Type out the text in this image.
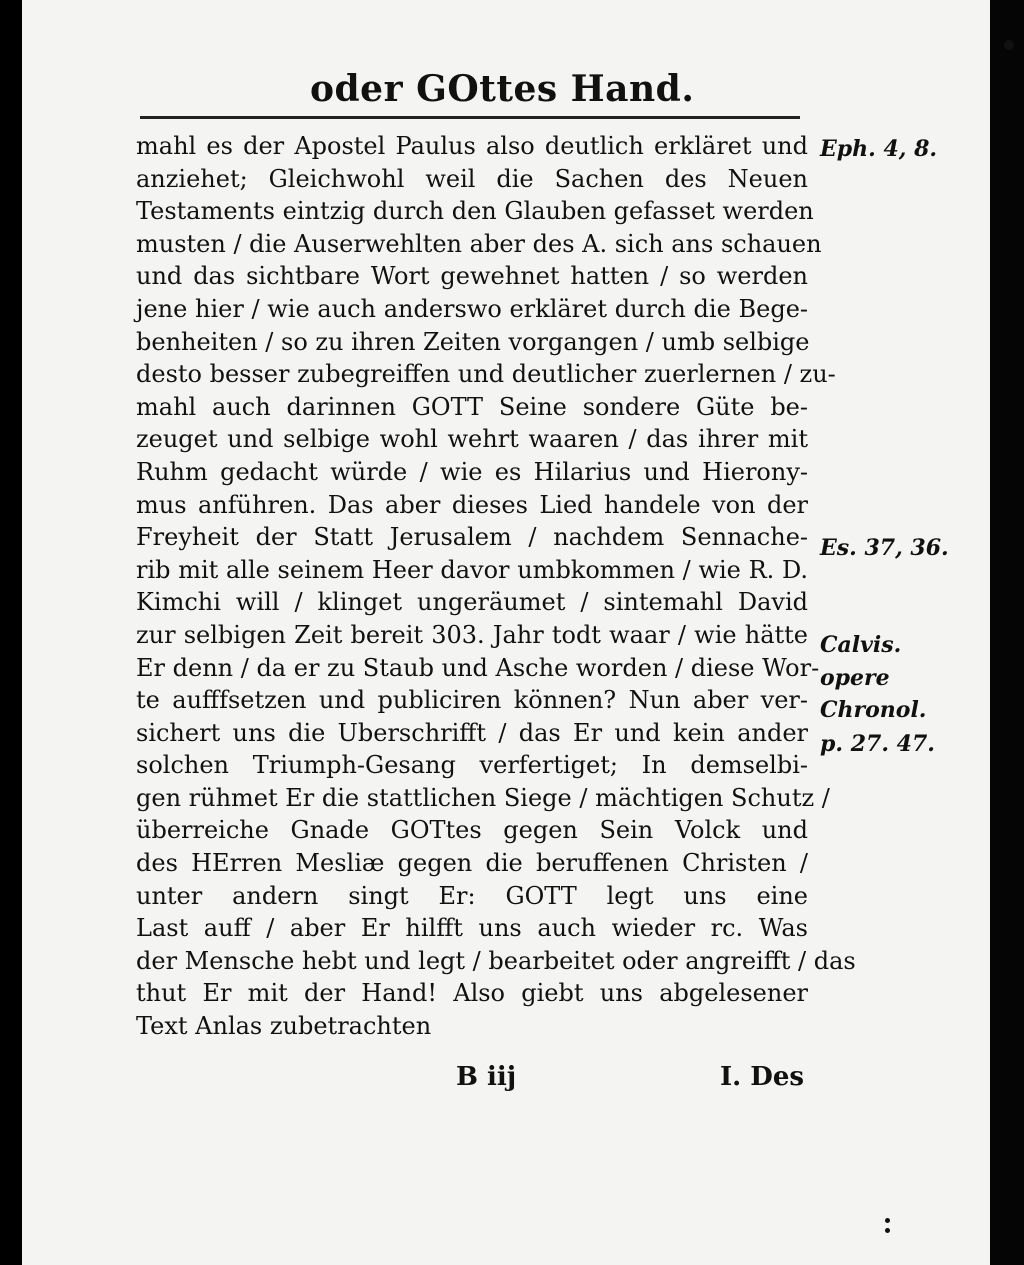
oder GOttes Hand.
mahl es der Apostel Paulus also deutlich erkläret und
anziehet; Gleichwohl weil die Sachen des Neuen
Testaments eintzig durch den Glauben gefasset werden
musten / die Auserwehlten aber des A. sich ans schauen
und das sichtbare Wort gewehnet hatten / so werden
jene hier / wie auch anderswo erkläret durch die Bege-
benheiten / so zu ihren Zeiten vorgangen / umb selbige
desto besser zubegreiffen und deutlicher zuerlernen / zu-
mahl auch darinnen GOTT Seine sondere Güte be-
zeuget und selbige wohl wehrt waaren / das ihrer mit
Ruhm gedacht würde / wie es Hilarius und Hierony-
mus anführen. Das aber dieses Lied handele von der
Freyheit der Statt Jerusalem / nachdem Sennache-
rib mit alle seinem Heer davor umbkommen / wie R. D.
Kimchi will / klinget ungeräumet / sintemahl David
zur selbigen Zeit bereit 303. Jahr todt waar / wie hätte
Er denn / da er zu Staub und Asche worden / diese Wor-
te aufffsetzen und publiciren können? Nun aber ver-
sichert uns die Uberschrifft / das Er und kein ander
solchen Triumph-Gesang verfertiget; In demselbi-
gen rühmet Er die stattlichen Siege / mächtigen Schutz /
überreiche Gnade GOTtes gegen Sein Volck und
des HErren Mesliæ gegen die beruffenen Christen /
unter andern singt Er: GOTT legt uns eine
Last auff / aber Er hilfft uns auch wieder rc. Was
der Mensche hebt und legt / bearbeitet oder angreifft / das
thut Er mit der Hand! Also giebt uns abgelesener
Text Anlas zubetrachten
Eph. 4, 8.
Es. 37, 36.
Calvis.
opere
Chronol.
p. 27. 47.
B iij	I. Des
